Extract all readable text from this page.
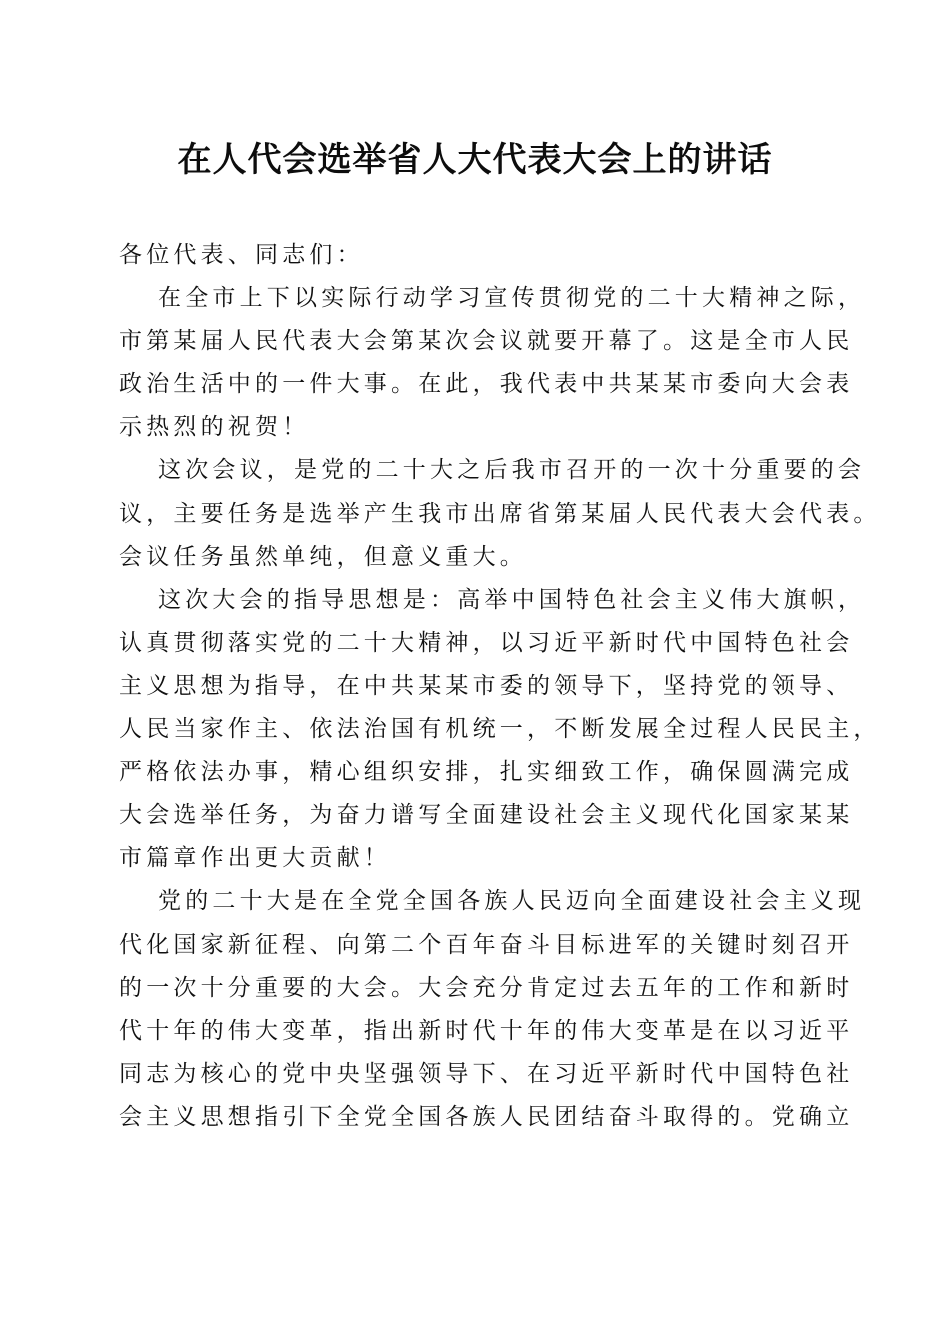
在人代会选举省人大代表大会上的讲话
各位代表、同志们：
在全市上下以实际行动学习宣传贯彻党的二十大精神之际，
市第某届人民代表大会第某次会议就要开幕了。这是全市人民
政治生活中的一件大事。在此，我代表中共某某市委向大会表
示热烈的祝贺！
这次会议，是党的二十大之后我市召开的一次十分重要的会
议，主要任务是选举产生我市出席省第某届人民代表大会代表。
会议任务虽然单纯，但意义重大。
这次大会的指导思想是：高举中国特色社会主义伟大旗帜，
认真贯彻落实党的二十大精神，以习近平新时代中国特色社会
主义思想为指导，在中共某某市委的领导下，坚持党的领导、
人民当家作主、依法治国有机统一，不断发展全过程人民民主，
严格依法办事，精心组织安排，扎实细致工作，确保圆满完成
大会选举任务，为奋力谱写全面建设社会主义现代化国家某某
市篇章作出更大贡献！
党的二十大是在全党全国各族人民迈向全面建设社会主义现
代化国家新征程、向第二个百年奋斗目标进军的关键时刻召开
的一次十分重要的大会。大会充分肯定过去五年的工作和新时
代十年的伟大变革，指出新时代十年的伟大变革是在以习近平
同志为核心的党中央坚强领导下、在习近平新时代中国特色社
会主义思想指引下全党全国各族人民团结奋斗取得的。党确立
